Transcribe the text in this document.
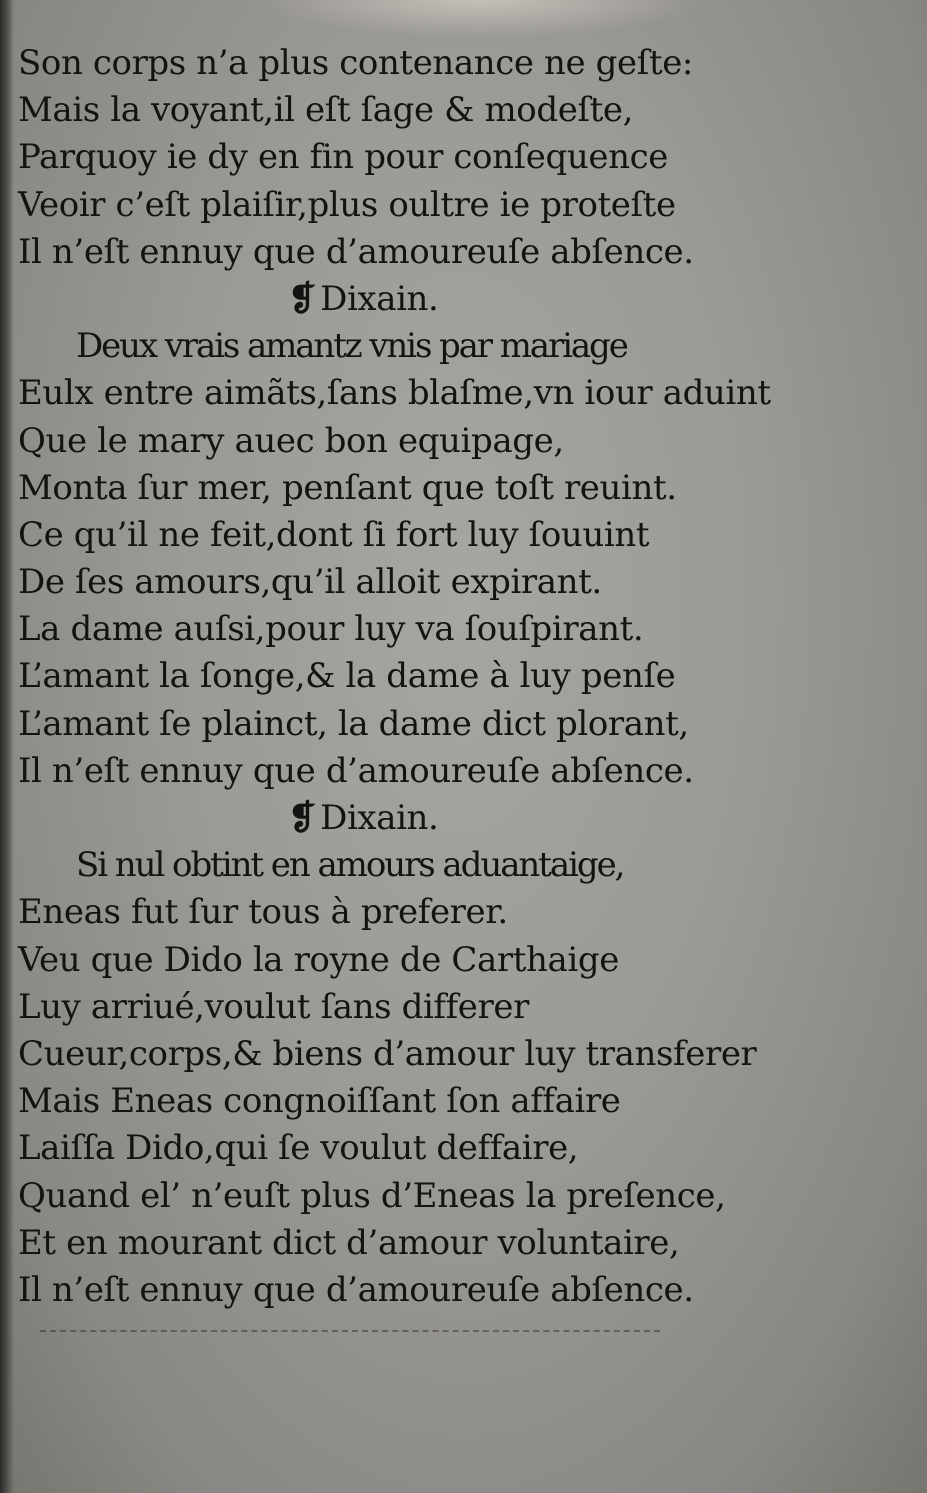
Son corps n’a plus contenance ne geſte:
Mais la voyant,il eſt ſage & modeſte,
Parquoy ie dy en fin pour conſequence
Veoir c’eſt plaiſir,plus oultre ie proteſte
Il n’eſt ennuy que d’amoureuſe abſence.
❡ Dixain.
Deux vrais amantz vnis par mariage
Eulx entre aimãts,ſans blaſme,vn iour aduint
Que le mary auec bon equipage,
Monta ſur mer, penſant que toſt reuint.
Ce qu’il ne feit,dont ſi fort luy ſouuint
De ſes amours,qu’il alloit expirant.
La dame auſsi,pour luy va ſouſpirant.
L’amant la ſonge,& la dame à luy penſe
L’amant ſe plainct, la dame dict plorant,
Il n’eſt ennuy que d’amoureuſe abſence.
❡ Dixain.
Si nul obtint en amours aduantaige,
Eneas fut ſur tous à preferer.
Veu que Dido la royne de Carthaige
Luy arriué,voulut ſans differer
Cueur,corps,& biens d’amour luy transferer
Mais Eneas congnoiſſant ſon affaire
Laiſſa Dido,qui ſe voulut deffaire,
Quand el’ n’euſt plus d’Eneas la preſence,
Et en mourant dict d’amour voluntaire,
Il n’eſt ennuy que d’amoureuſe abſence.
